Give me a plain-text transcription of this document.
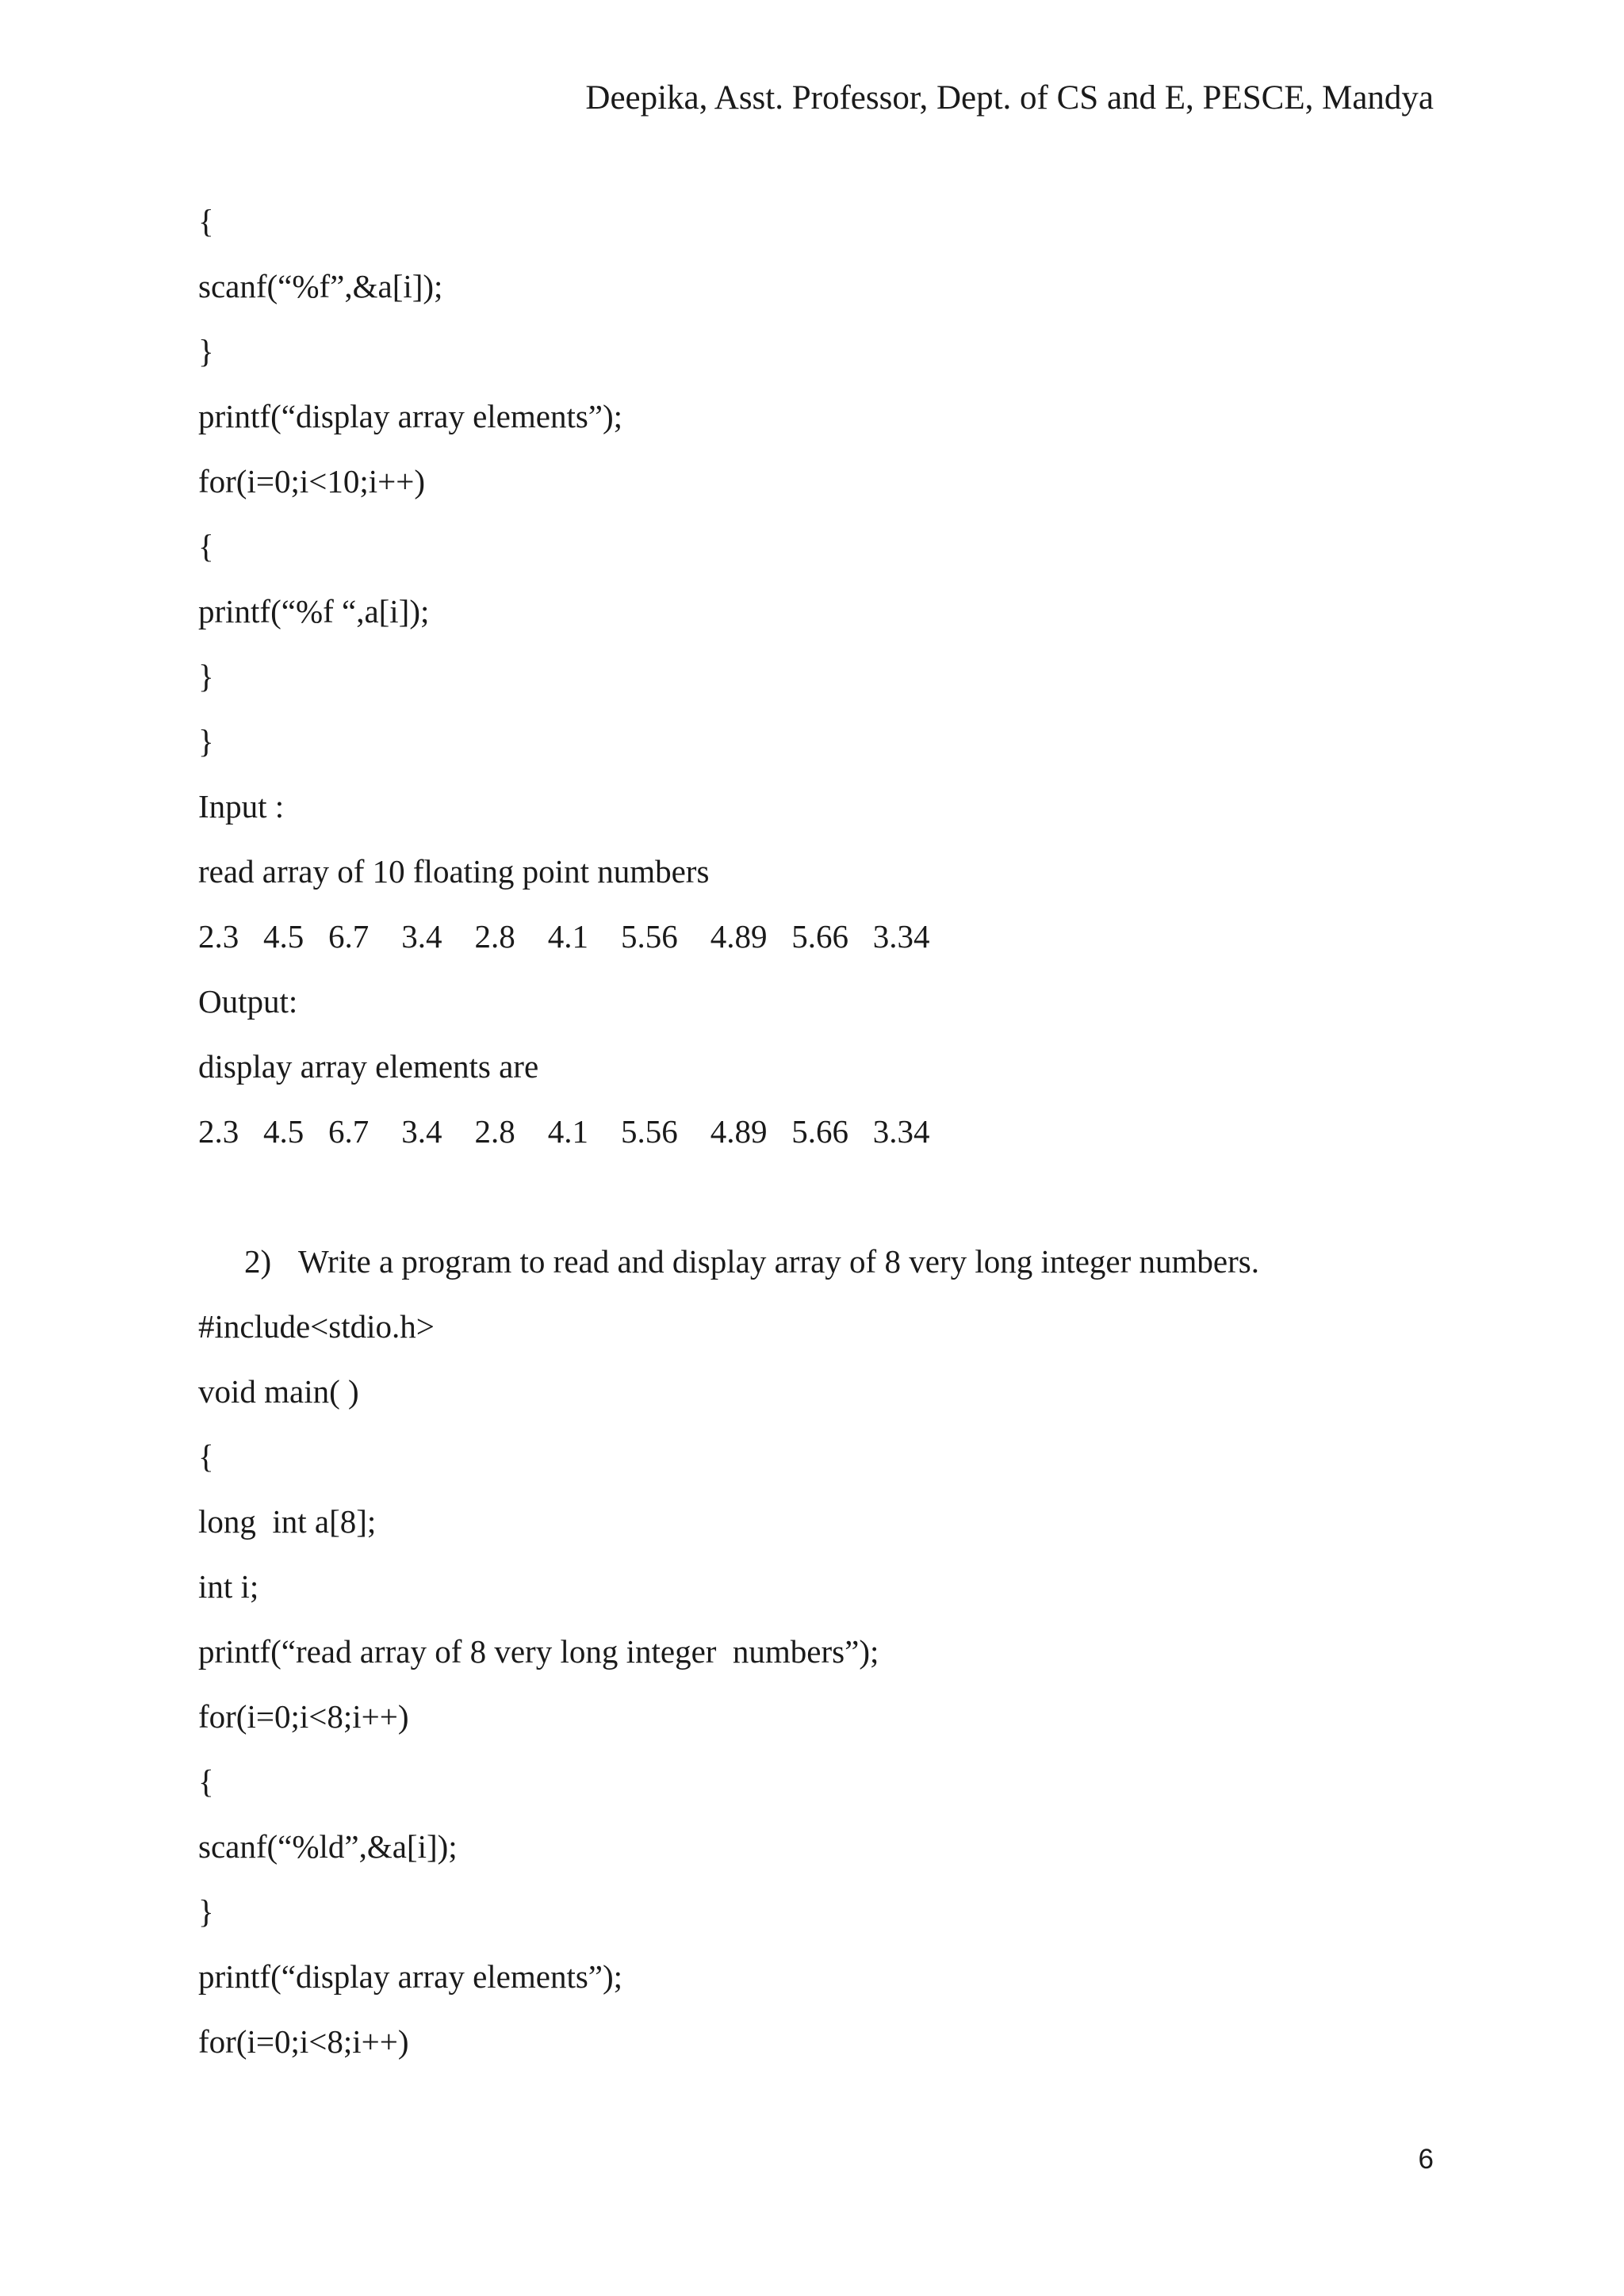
Deepika, Asst. Professor, Dept. of CS and E, PESCE, Mandya
{
scanf(“%f”,&a[i]);
}
printf(“display array elements”);
for(i=0;i<10;i++)
{
printf(“%f “,a[i]);
}
}
Input :
read array of 10 floating point numbers
2.3   4.5   6.7    3.4    2.8    4.1    5.56    4.89   5.66   3.34
Output:
display array elements are
2.3   4.5   6.7    3.4    2.8    4.1    5.56    4.89   5.66   3.34
2) Write a program to read and display array of 8 very long integer numbers.
#include<stdio.h>
void main( )
{
long  int a[8];
int i;
printf(“read array of 8 very long integer  numbers”);
for(i=0;i<8;i++)
{
scanf(“%ld”,&a[i]);
}
printf(“display array elements”);
for(i=0;i<8;i++)
6
